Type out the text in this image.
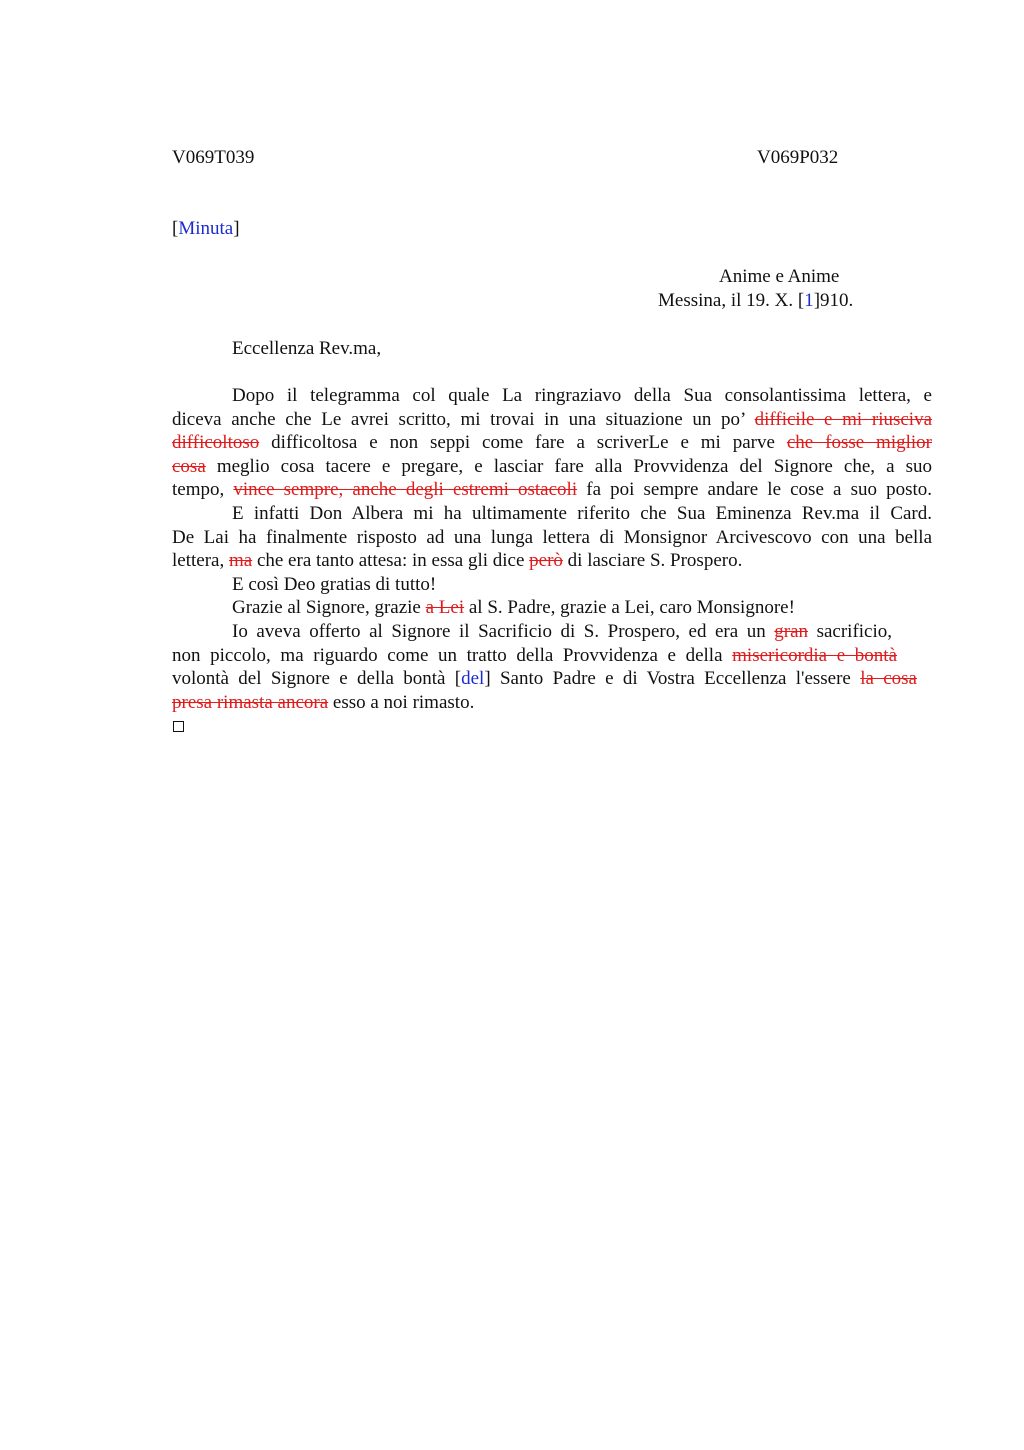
V069T039	V069P032
[Minuta]
Anime e Anime
Messina, il 19. X. [1]910.
Eccellenza Rev.ma,
Dopo il telegramma col quale La ringraziavo della Sua consolantissima lettera, e
diceva anche che Le avrei scritto, mi trovai in una situazione un po’ difficile e mi riusciva
difficoltoso difficoltosa e non seppi come fare a scriverLe e mi parve che fosse miglior
cosa meglio cosa tacere e pregare, e lasciar fare alla Provvidenza del Signore che, a suo
tempo, vince sempre, anche degli estremi ostacoli fa poi sempre andare le cose a suo posto.
E infatti Don Albera mi ha ultimamente riferito che Sua Eminenza Rev.ma il Card.
De Lai ha finalmente risposto ad una lunga lettera di Monsignor Arcivescovo con una bella
lettera, ma che era tanto attesa: in essa gli dice però di lasciare S. Prospero.
E così Deo gratias di tutto!
Grazie al Signore, grazie a Lei al S. Padre, grazie a Lei, caro Monsignore!
Io aveva offerto al Signore il Sacrificio di S. Prospero, ed era un gran sacrificio,
non piccolo, ma riguardo come un tratto della Provvidenza e della misericordia e bontà
volontà del Signore e della bontà [del] Santo Padre e di Vostra Eccellenza l'essere la cosa
presa rimasta ancora esso a noi rimasto.
